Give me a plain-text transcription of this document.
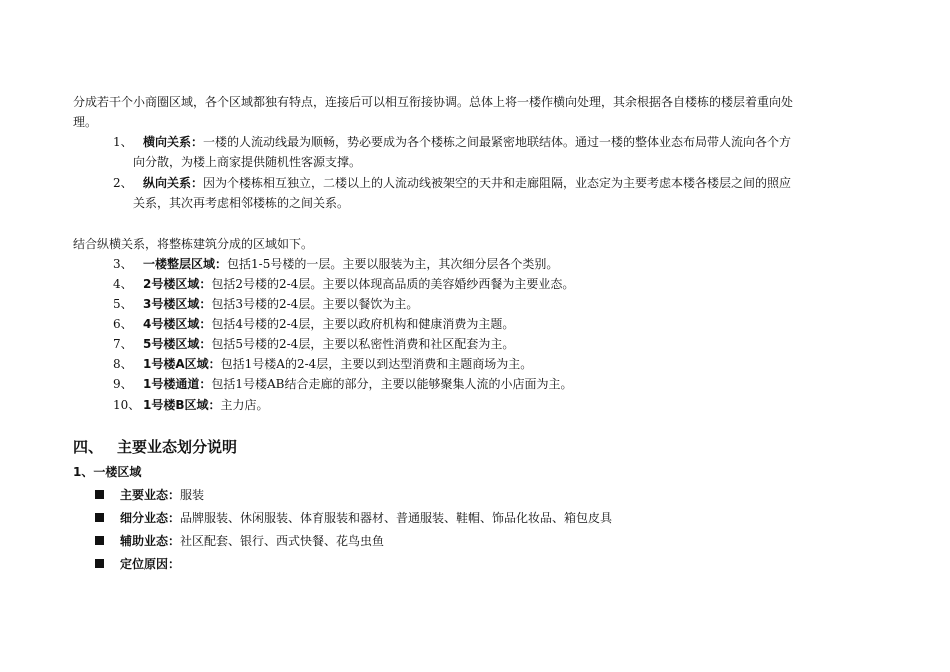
分成若干个小商圈区域，各个区域都独有特点，连接后可以相互衔接协调。总体上将一楼作横向处理，其余根据各自楼栋的楼层着重向处
理。
1、 横向关系：一楼的人流动线最为顺畅，势必要成为各个楼栋之间最紧密地联结体。通过一楼的整体业态布局带人流向各个方
向分散，为楼上商家提供随机性客源支撑。
2、 纵向关系：因为个楼栋相互独立，二楼以上的人流动线被架空的天井和走廊阻隔，业态定为主要考虑本楼各楼层之间的照应
关系，其次再考虑相邻楼栋的之间关系。
结合纵横关系，将整栋建筑分成的区域如下。
3、 一楼整层区域：包括1-5号楼的一层。主要以服装为主，其次细分层各个类别。
4、 2号楼区域：包括2号楼的2-4层。主要以体现高品质的美容婚纱西餐为主要业态。
5、 3号楼区域：包括3号楼的2-4层。主要以餐饮为主。
6、 4号楼区域：包括4号楼的2-4层，主要以政府机构和健康消费为主题。
7、 5号楼区域：包括5号楼的2-4层，主要以私密性消费和社区配套为主。
8、 1号楼A区域：包括1号楼A的2-4层，主要以到达型消费和主题商场为主。
9、 1号楼通道：包括1号楼AB结合走廊的部分，主要以能够聚集人流的小店面为主。
10、 1号楼B区域：主力店。
四、 主要业态划分说明
1、一楼区域
主要业态：服装
细分业态：品牌服装、休闲服装、体育服装和器材、普通服装、鞋帽、饰品化妆品、箱包皮具
辅助业态：社区配套、银行、西式快餐、花鸟虫鱼
定位原因：
